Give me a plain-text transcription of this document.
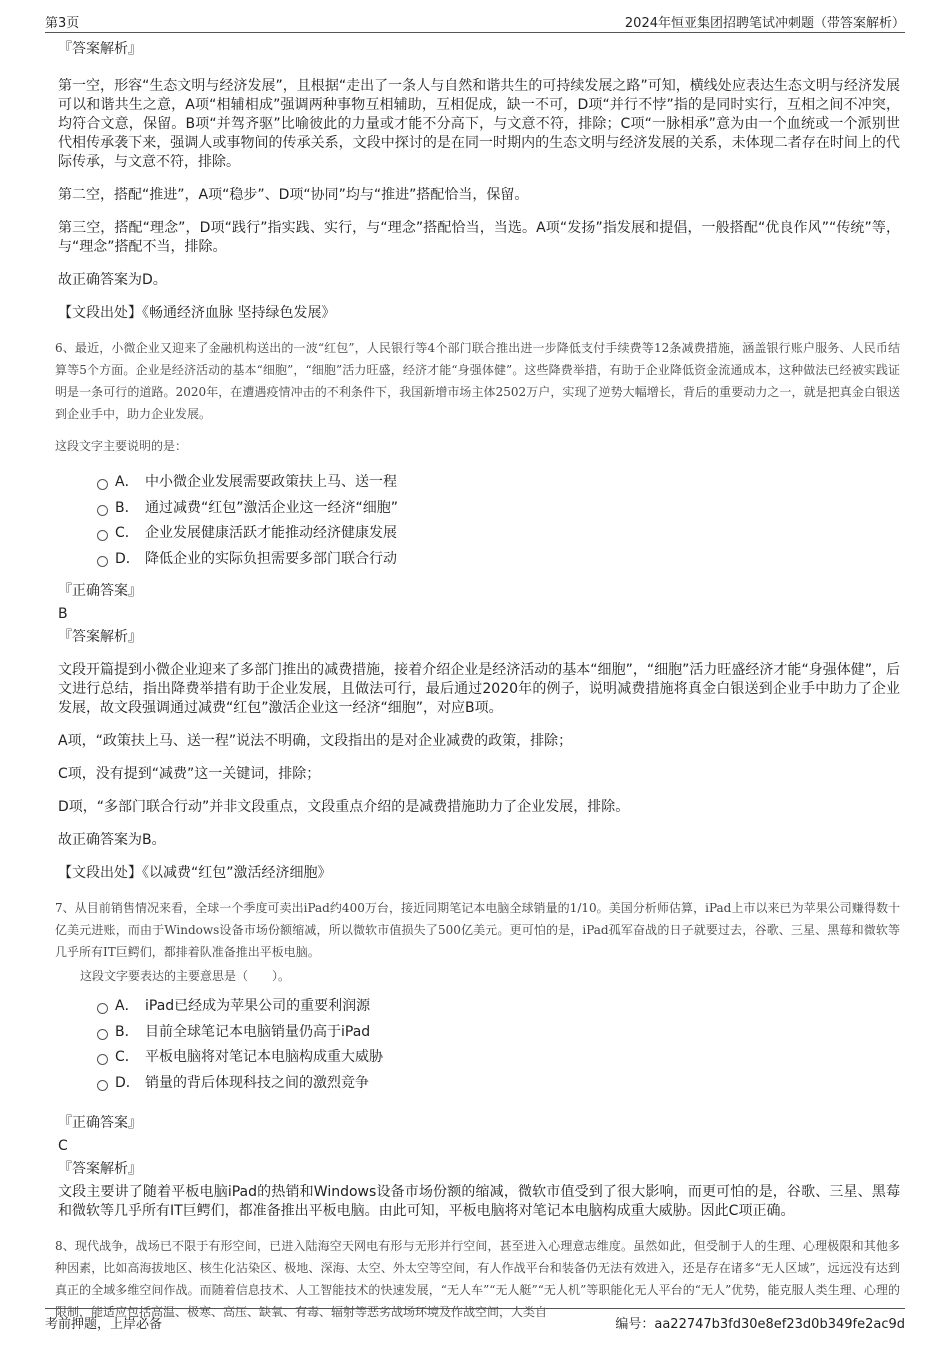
第3页	2024年恒亚集团招聘笔试冲刺题（带答案解析）
『答案解析』

第一空，形容“生态文明与经济发展”，且根据“走出了一条人与自然和谐共生的可持续发展之路”可知，横线处应表达生态文明与经济发展可以和谐共生之意，A项“相辅相成”强调两种事物互相辅助，互相促成，缺一不可，D项“并行不悖”指的是同时实行，互相之间不冲突，均符合文意，保留。B项“并驾齐驱”比喻彼此的力量或才能不分高下，与文意不符，排除；C项“一脉相承”意为由一个血统或一个派别世代相传承袭下来，强调人或事物间的传承关系，文段中探讨的是在同一时期内的生态文明与经济发展的关系，未体现二者存在时间上的代际传承，与文意不符，排除。

第二空，搭配“推进”，A项“稳步”、D项“协同”均与“推进”搭配恰当，保留。

第三空，搭配“理念”，D项“践行”指实践、实行，与“理念”搭配恰当，当选。A项“发扬”指发展和提倡，一般搭配“优良作风”“传统”等，与“理念”搭配不当，排除。

故正确答案为D。

【文段出处】《畅通经济血脉 坚持绿色发展》

6、最近，小微企业又迎来了金融机构送出的一波“红包”，人民银行等4个部门联合推出进一步降低支付手续费等12条减费措施，涵盖银行账户服务、人民币结算等5个方面。企业是经济活动的基本“细胞”，“细胞”活力旺盛，经济才能“身强体健”。这些降费举措，有助于企业降低资金流通成本，这种做法已经被实践证明是一条可行的道路。2020年，在遭遇疫情冲击的不利条件下，我国新增市场主体2502万户，实现了逆势大幅增长，背后的重要动力之一，就是把真金白银送到企业手中，助力企业发展。

这段文字主要说明的是：
A． 中小微企业发展需要政策扶上马、送一程
B． 通过减费“红包”激活企业这一经济“细胞”
C． 企业发展健康活跃才能推动经济健康发展
D． 降低企业的实际负担需要多部门联合行动
『正确答案』
B
『答案解析』

文段开篇提到小微企业迎来了多部门推出的减费措施，接着介绍企业是经济活动的基本“细胞”，“细胞”活力旺盛经济才能“身强体健”，后文进行总结，指出降费举措有助于企业发展，且做法可行，最后通过2020年的例子，说明减费措施将真金白银送到企业手中助力了企业发展，故文段强调通过减费“红包”激活企业这一经济“细胞”，对应B项。

A项，“政策扶上马、送一程”说法不明确，文段指出的是对企业减费的政策，排除；

C项，没有提到“减费”这一关键词，排除；

D项，“多部门联合行动”并非文段重点，文段重点介绍的是减费措施助力了企业发展，排除。

故正确答案为B。

【文段出处】《以减费“红包”激活经济细胞》

7、从目前销售情况来看，全球一个季度可卖出iPad约400万台，接近同期笔记本电脑全球销量的1/10。美国分析师估算，iPad上市以来已为苹果公司赚得数十亿美元进账，而由于Windows设备市场份额缩减，所以微软市值损失了500亿美元。更可怕的是，iPad孤军奋战的日子就要过去，谷歌、三星、黑莓和微软等几乎所有IT巨鳄们，都排着队准备推出平板电脑。

这段文字要表达的主要意思是（　　）。
A． iPad已经成为苹果公司的重要利润源
B． 目前全球笔记本电脑销量仍高于iPad
C． 平板电脑将对笔记本电脑构成重大威胁
D． 销量的背后体现科技之间的激烈竞争
『正确答案』
C
『答案解析』

文段主要讲了随着平板电脑iPad的热销和Windows设备市场份额的缩减，微软市值受到了很大影响，而更可怕的是，谷歌、三星、黑莓和微软等几乎所有IT巨鳄们，都准备推出平板电脑。由此可知，平板电脑将对笔记本电脑构成重大威胁。因此C项正确。

8、现代战争，战场已不限于有形空间，已进入陆海空天网电有形与无形并行空间，甚至进入心理意志维度。虽然如此，但受制于人的生理、心理极限和其他多种因素，比如高海拔地区、核生化沾染区、极地、深海、太空、外太空等空间，有人作战平台和装备仍无法有效进入，还是存在诸多“无人区域”，远远没有达到真正的全域多维空间作战。而随着信息技术、人工智能技术的快速发展，“无人车”“无人艇”“无人机”等职能化无人平台的“无人”优势，能克服人类生理、心理的限制，能适应包括高温、极寒、高压、缺氧、有毒、辐射等恶劣战场环境及作战空间，人类自

考前押题，上岸必备	编号：aa22747b3fd30e8ef23d0b349fe2ac9d
